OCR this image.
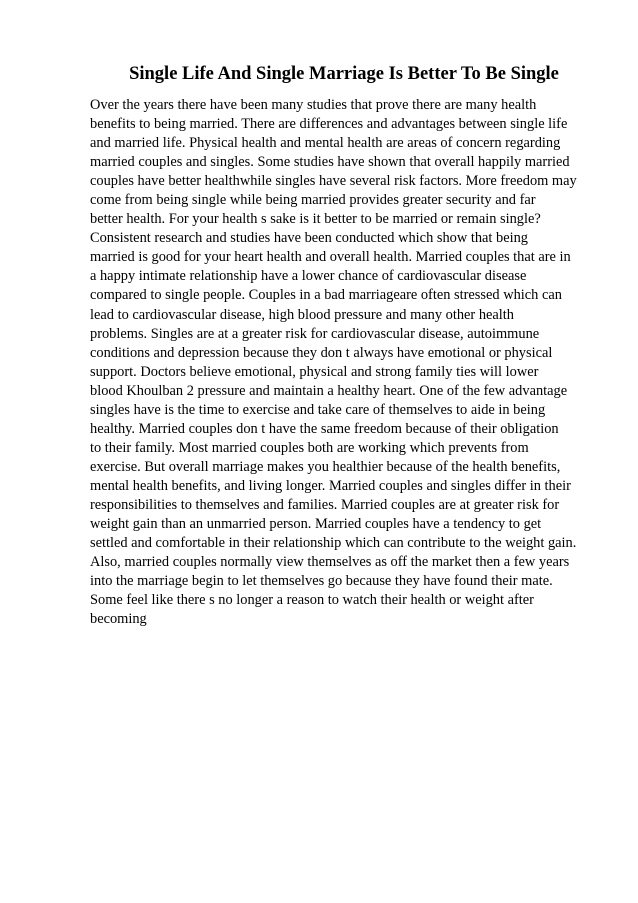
Single Life And Single Marriage Is Better To Be Single
Over the years there have been many studies that prove there are many health
benefits to being married. There are differences and advantages between single life
and married life. Physical health and mental health are areas of concern regarding
married couples and singles. Some studies have shown that overall happily married
couples have better healthwhile singles have several risk factors. More freedom may
come from being single while being married provides greater security and far
better health. For your health s sake is it better to be married or remain single?
Consistent research and studies have been conducted which show that being
married is good for your heart health and overall health. Married couples that are in
a happy intimate relationship have a lower chance of cardiovascular disease
compared to single people. Couples in a bad marriageare often stressed which can
lead to cardiovascular disease, high blood pressure and many other health
problems. Singles are at a greater risk for cardiovascular disease, autoimmune
conditions and depression because they don t always have emotional or physical
support. Doctors believe emotional, physical and strong family ties will lower
blood Khoulban 2 pressure and maintain a healthy heart. One of the few advantage
singles have is the time to exercise and take care of themselves to aide in being
healthy. Married couples don t have the same freedom because of their obligation
to their family. Most married couples both are working which prevents from
exercise. But overall marriage makes you healthier because of the health benefits,
mental health benefits, and living longer. Married couples and singles differ in their
responsibilities to themselves and families. Married couples are at greater risk for
weight gain than an unmarried person. Married couples have a tendency to get
settled and comfortable in their relationship which can contribute to the weight gain.
Also, married couples normally view themselves as off the market then a few years
into the marriage begin to let themselves go because they have found their mate.
Some feel like there s no longer a reason to watch their health or weight after
becoming
